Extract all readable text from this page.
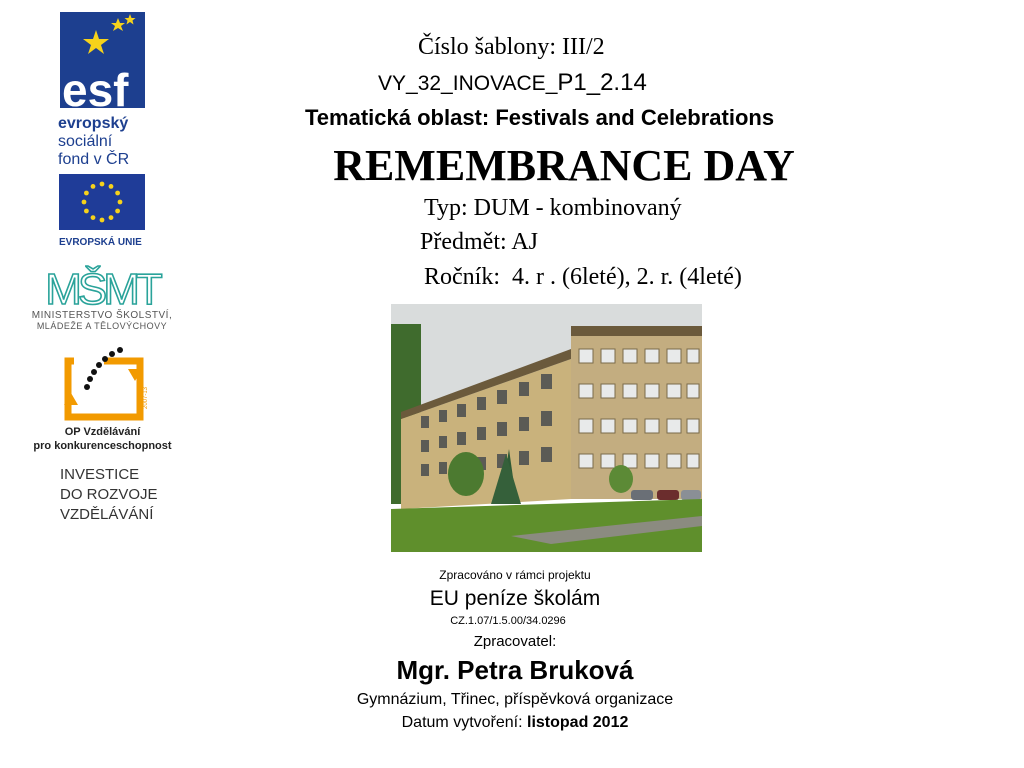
esf
evropský
sociální
fond v ČR
EVROPSKÁ UNIE
MŠMT
MINISTERSTVO ŠKOLSTVÍ,
MLÁDEŽE A TĚLOVÝCHOVY
2007-13
OP Vzdělávání
pro konkurenceschopnost
INVESTICE
DO ROZVOJE
VZDĚLÁVÁNÍ
Číslo šablony: III/2
VY_32_INOVACE_P1_2.14
Tematická oblast: Festivals and Celebrations
REMEMBRANCE DAY
Typ: DUM - kombinovaný
Předmět: AJ
Ročník:  4. r . (6leté), 2. r. (4leté)
Zpracováno v rámci projektu
EU peníze školám
CZ.1.07/1.5.00/34.0296
Zpracovatel:
Mgr. Petra Bruková
Gymnázium, Třinec, příspěvková organizace
Datum vytvoření: listopad 2012
